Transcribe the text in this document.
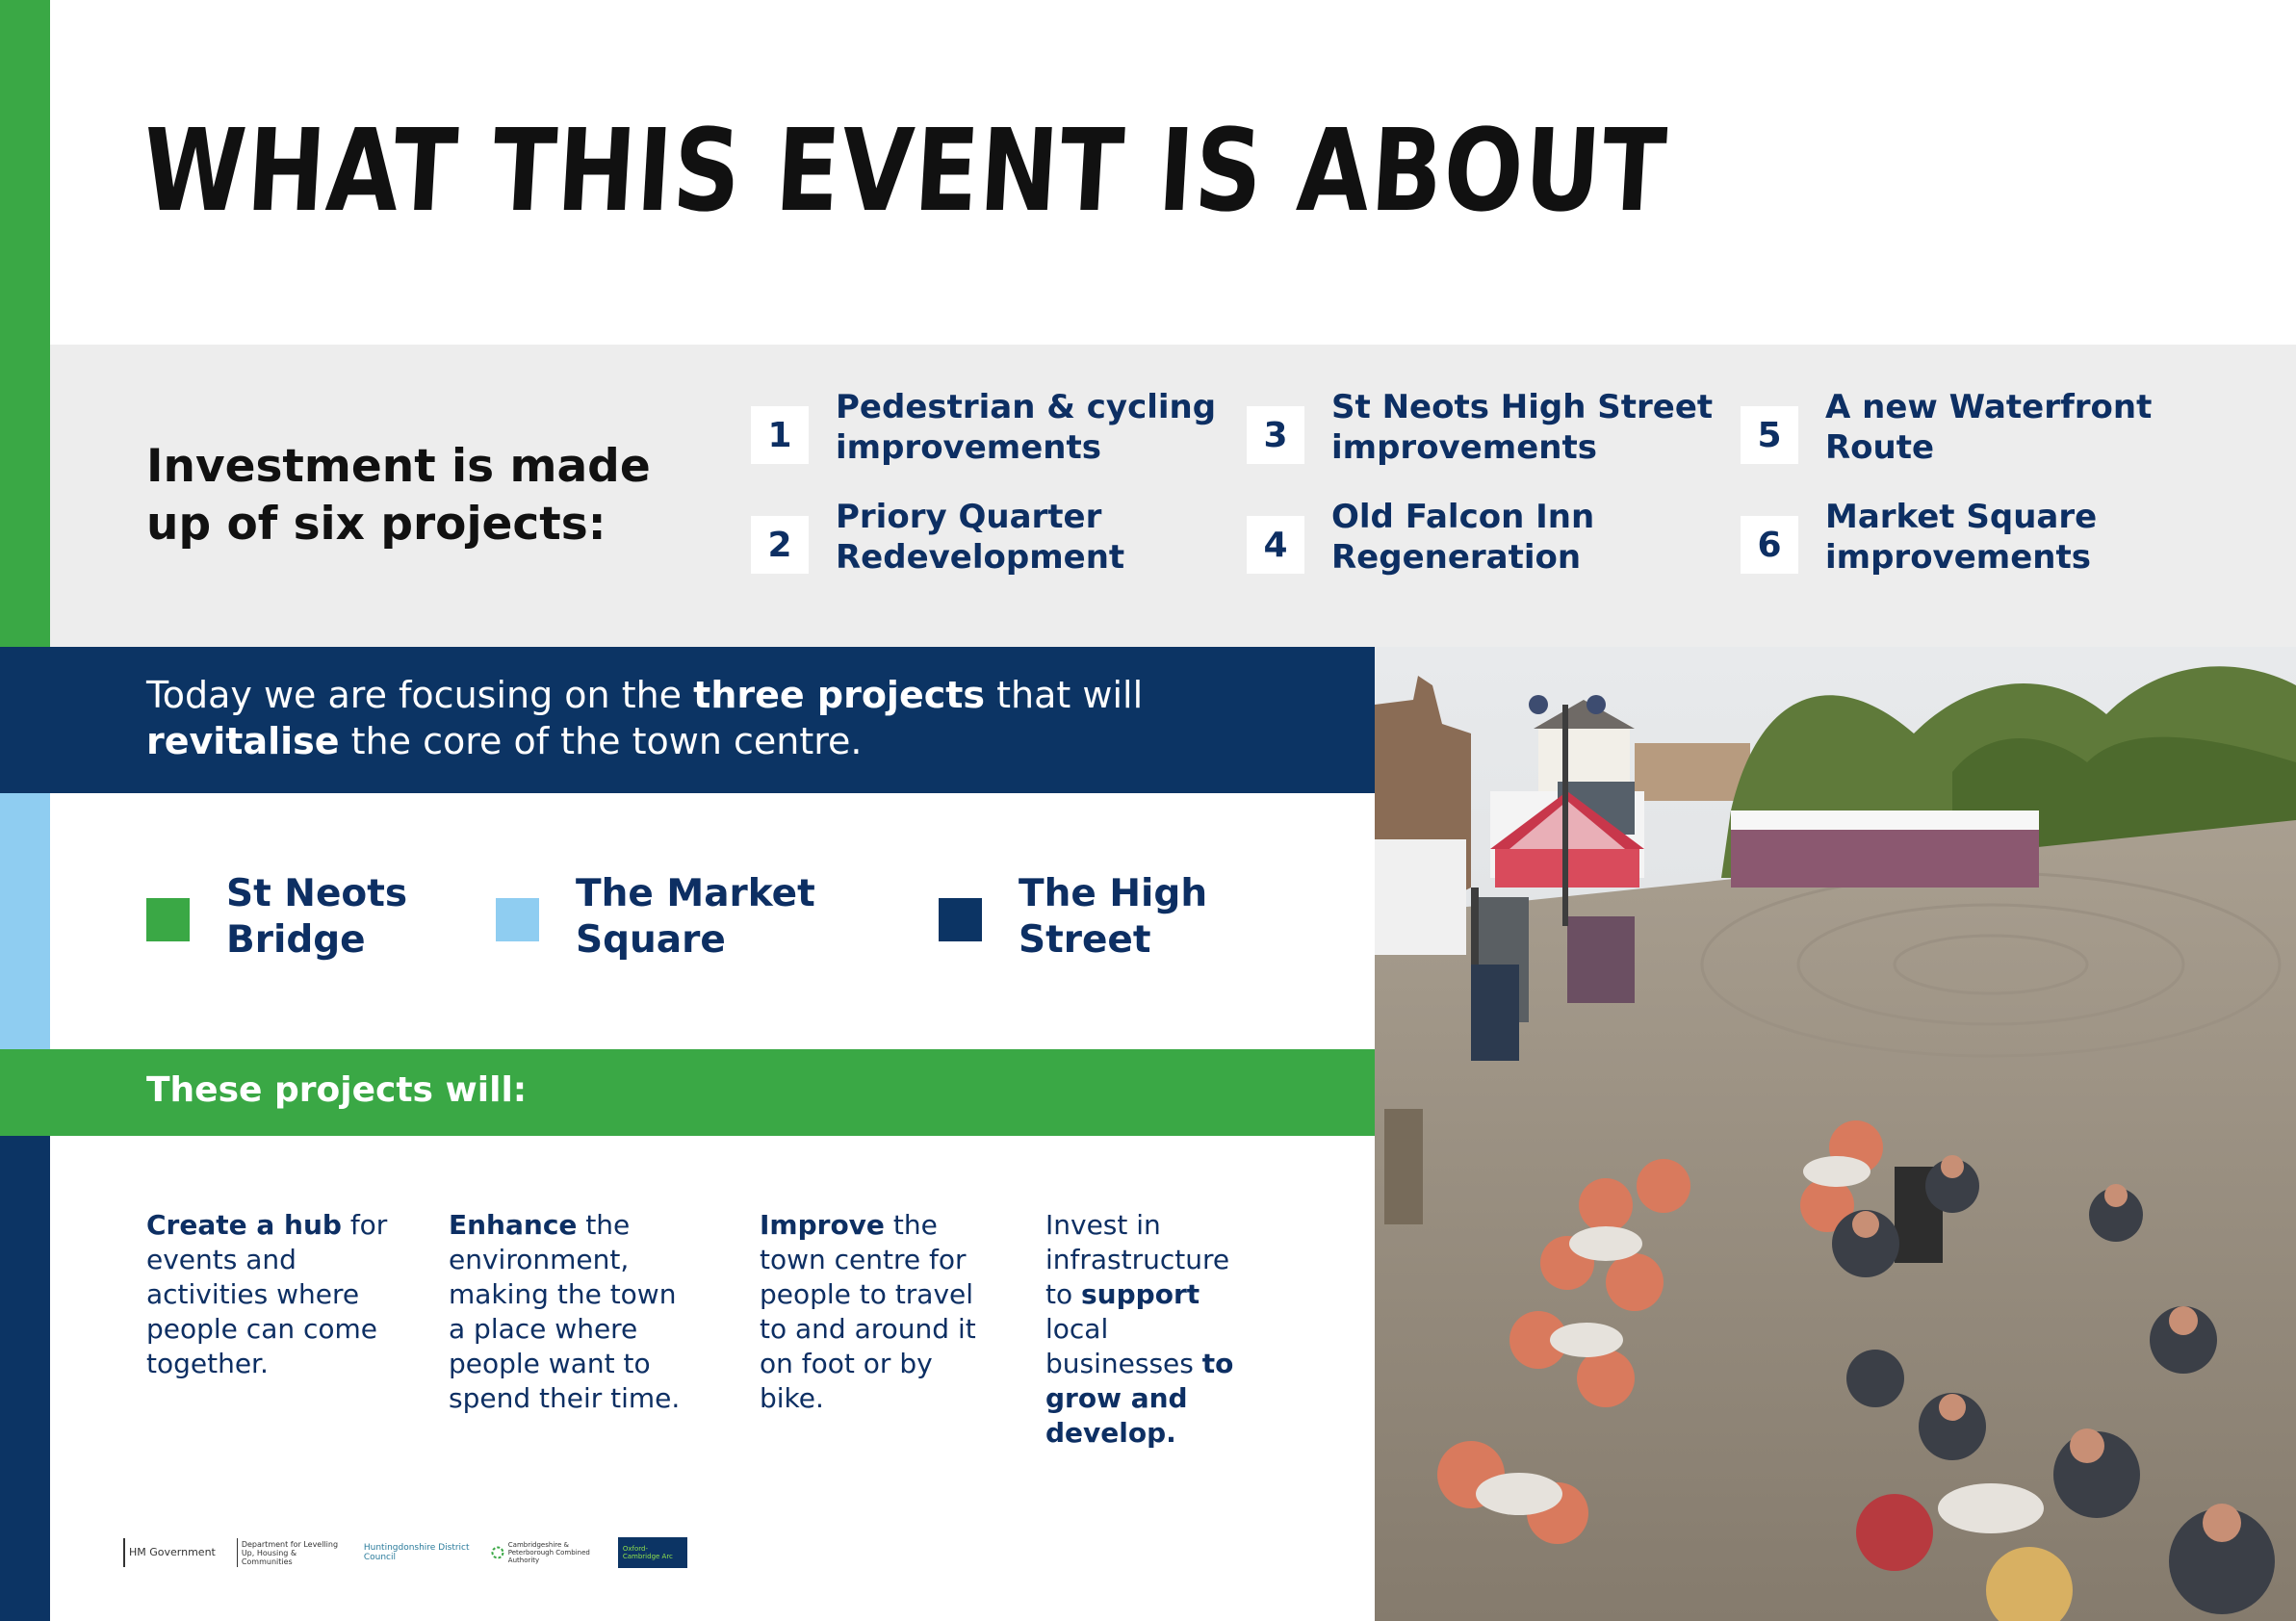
WHAT THIS EVENT IS ABOUT
Investment is made up of six projects:
1
Pedestrian & cycling improvements
2
Priory Quarter Redevelopment
3
St Neots High Street improvements
4
Old Falcon Inn Regeneration
5
A new Waterfront Route
6
Market Square improvements

Today we are focusing on the three projects that will revitalise the core of the town centre.

St Neots Bridge
The Market Square
The High Street
These projects will:

Create a hub for events and activities where people can come together.

Enhance the environment, making the town a place where people want to spend their time.

Improve the town centre for people to travel to and around it on foot or by bike.

Invest in infrastructure to support local businesses to grow and develop.

HM Government
Department for Levelling Up, Housing & Communities
Huntingdonshire District Council
Cambridgeshire & Peterborough Combined Authority
Oxford-Cambridge Arc
